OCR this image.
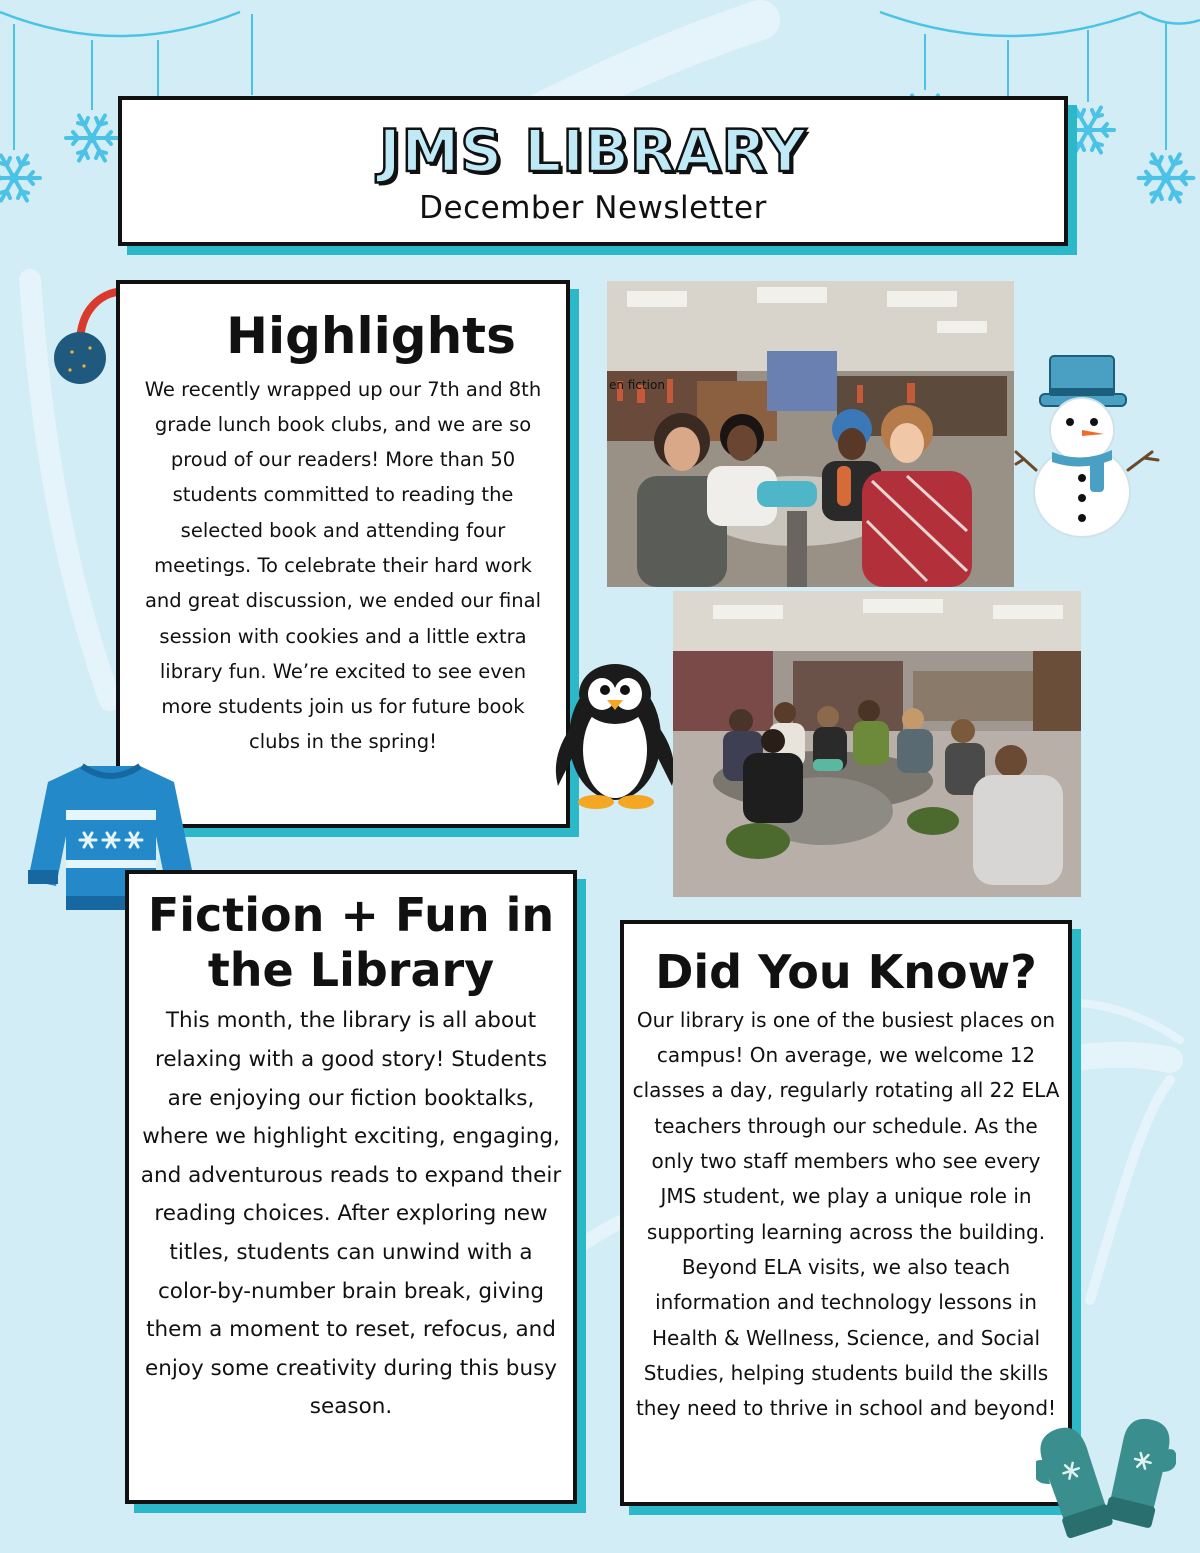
JMS LIBRARY
December Newsletter
Highlights
We recently wrapped up our 7th and 8th grade lunch book clubs, and we are so proud of our readers! More than 50 students committed to reading the selected book and attending four meetings. To celebrate their hard work and great discussion, we ended our final session with cookies and a little extra library fun. We’re excited to see even more students join us for future book clubs in the spring!
en fiction
Fiction + Fun in the Library
This month, the library is all about relaxing with a good story! Students are enjoying our fiction booktalks, where we highlight exciting, engaging, and adventurous reads to expand their reading choices. After exploring new titles, students can unwind with a color-by-number brain break, giving them a moment to reset, refocus, and enjoy some creativity during this busy season.
Did You Know?
Our library is one of the busiest places on campus! On average, we welcome 12 classes a day, regularly rotating all 22 ELA teachers through our schedule. As the only two staff members who see every JMS student, we play a unique role in supporting learning across the building. Beyond ELA visits, we also teach information and technology lessons in Health & Wellness, Science, and Social Studies, helping students build the skills they need to thrive in school and beyond!
